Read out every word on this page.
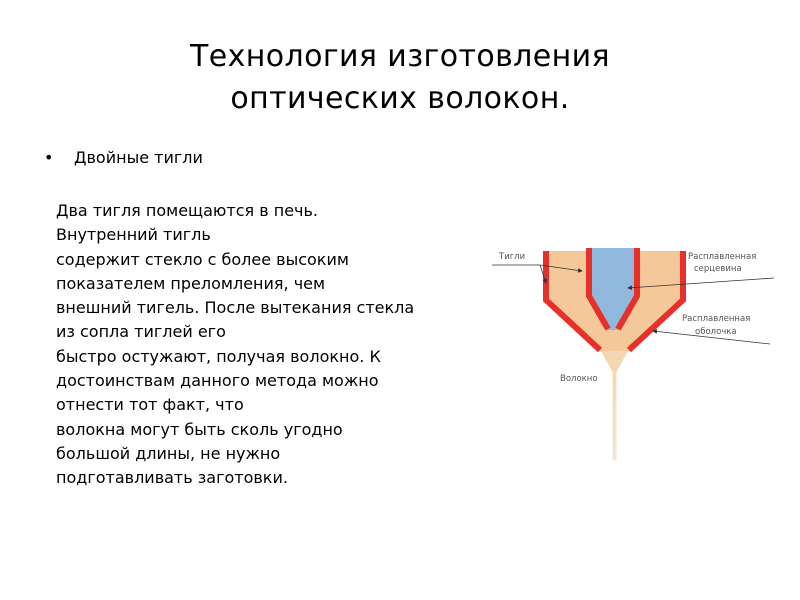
Технология изготовления
оптических волокон.
• Двойные тигли
Два тигля помещаются в печь.
Внутренний тигль
содержит стекло с более высоким
показателем преломления, чем
внешний тигель. После вытекания стекла
из сопла тиглей его
быстро остужают, получая волокно. К
достоинствам данного метода можно
отнести тот факт, что
волокна могут быть сколь угодно
большой длины, не нужно
подготавливать заготовки.
Тигли	Расплавленная
серцевина
Расплавленная
оболочка
Волокно
